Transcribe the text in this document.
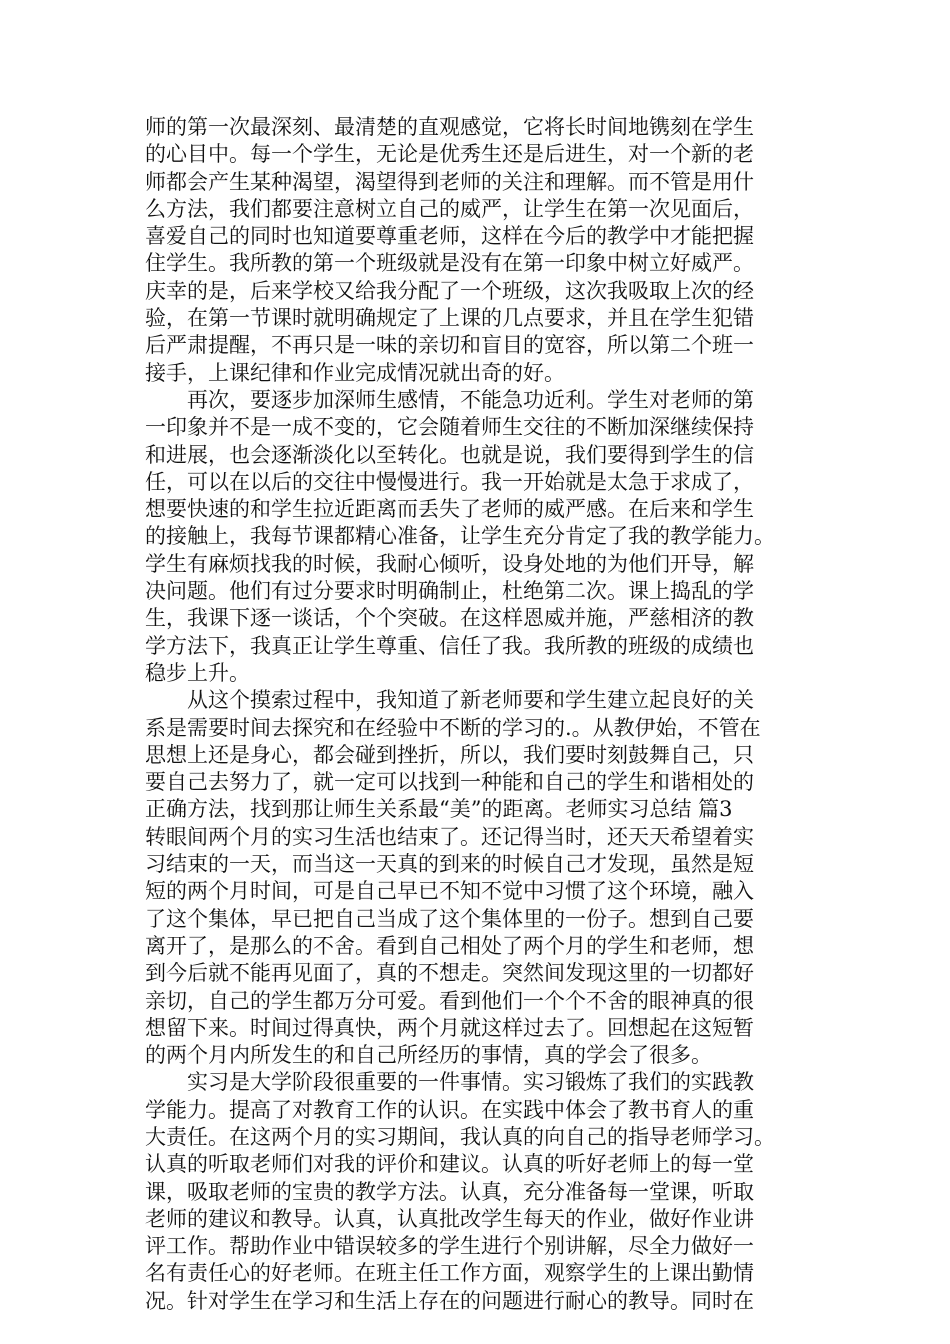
师的第一次最深刻、最清楚的直观感觉，它将长时间地镌刻在学生
的心目中。每一个学生，无论是优秀生还是后进生，对一个新的老
师都会产生某种渴望，渴望得到老师的关注和理解。而不管是用什
么方法，我们都要注意树立自己的威严，让学生在第一次见面后，
喜爱自己的同时也知道要尊重老师，这样在今后的教学中才能把握
住学生。我所教的第一个班级就是没有在第一印象中树立好威严。
庆幸的是，后来学校又给我分配了一个班级，这次我吸取上次的经
验，在第一节课时就明确规定了上课的几点要求，并且在学生犯错
后严肃提醒，不再只是一味的亲切和盲目的宽容，所以第二个班一
接手，上课纪律和作业完成情况就出奇的好。
　　再次，要逐步加深师生感情，不能急功近利。学生对老师的第
一印象并不是一成不变的，它会随着师生交往的不断加深继续保持
和进展，也会逐渐淡化以至转化。也就是说，我们要得到学生的信
任，可以在以后的交往中慢慢进行。我一开始就是太急于求成了，
想要快速的和学生拉近距离而丢失了老师的威严感。在后来和学生
的接触上，我每节课都精心准备，让学生充分肯定了我的教学能力。
学生有麻烦找我的时候，我耐心倾听，设身处地的为他们开导，解
决问题。他们有过分要求时明确制止，杜绝第二次。课上捣乱的学
生，我课下逐一谈话，个个突破。在这样恩威并施，严慈相济的教
学方法下，我真正让学生尊重、信任了我。我所教的班级的成绩也
稳步上升。
　　从这个摸索过程中，我知道了新老师要和学生建立起良好的关
系是需要时间去探究和在经验中不断的学习的.。从教伊始，不管在
思想上还是身心，都会碰到挫折，所以，我们要时刻鼓舞自己，只
要自己去努力了，就一定可以找到一种能和自己的学生和谐相处的
正确方法，找到那让师生关系最“美”的距离。老师实习总结 篇3
转眼间两个月的实习生活也结束了。还记得当时，还天天希望着实
习结束的一天，而当这一天真的到来的时候自己才发现，虽然是短
短的两个月时间，可是自己早已不知不觉中习惯了这个环境，融入
了这个集体，早已把自己当成了这个集体里的一份子。想到自己要
离开了，是那么的不舍。看到自己相处了两个月的学生和老师，想
到今后就不能再见面了，真的不想走。突然间发现这里的一切都好
亲切，自己的学生都万分可爱。看到他们一个个不舍的眼神真的很
想留下来。时间过得真快，两个月就这样过去了。回想起在这短暂
的两个月内所发生的和自己所经历的事情，真的学会了很多。
　　实习是大学阶段很重要的一件事情。实习锻炼了我们的实践教
学能力。提高了对教育工作的认识。在实践中体会了教书育人的重
大责任。在这两个月的实习期间，我认真的向自己的指导老师学习。
认真的听取老师们对我的评价和建议。认真的听好老师上的每一堂
课，吸取老师的宝贵的教学方法。认真，充分准备每一堂课，听取
老师的建议和教导。认真，认真批改学生每天的作业，做好作业讲
评工作。帮助作业中错误较多的学生进行个别讲解，尽全力做好一
名有责任心的好老师。在班主任工作方面，观察学生的上课出勤情
况。针对学生在学习和生活上存在的问题进行耐心的教导。同时在
